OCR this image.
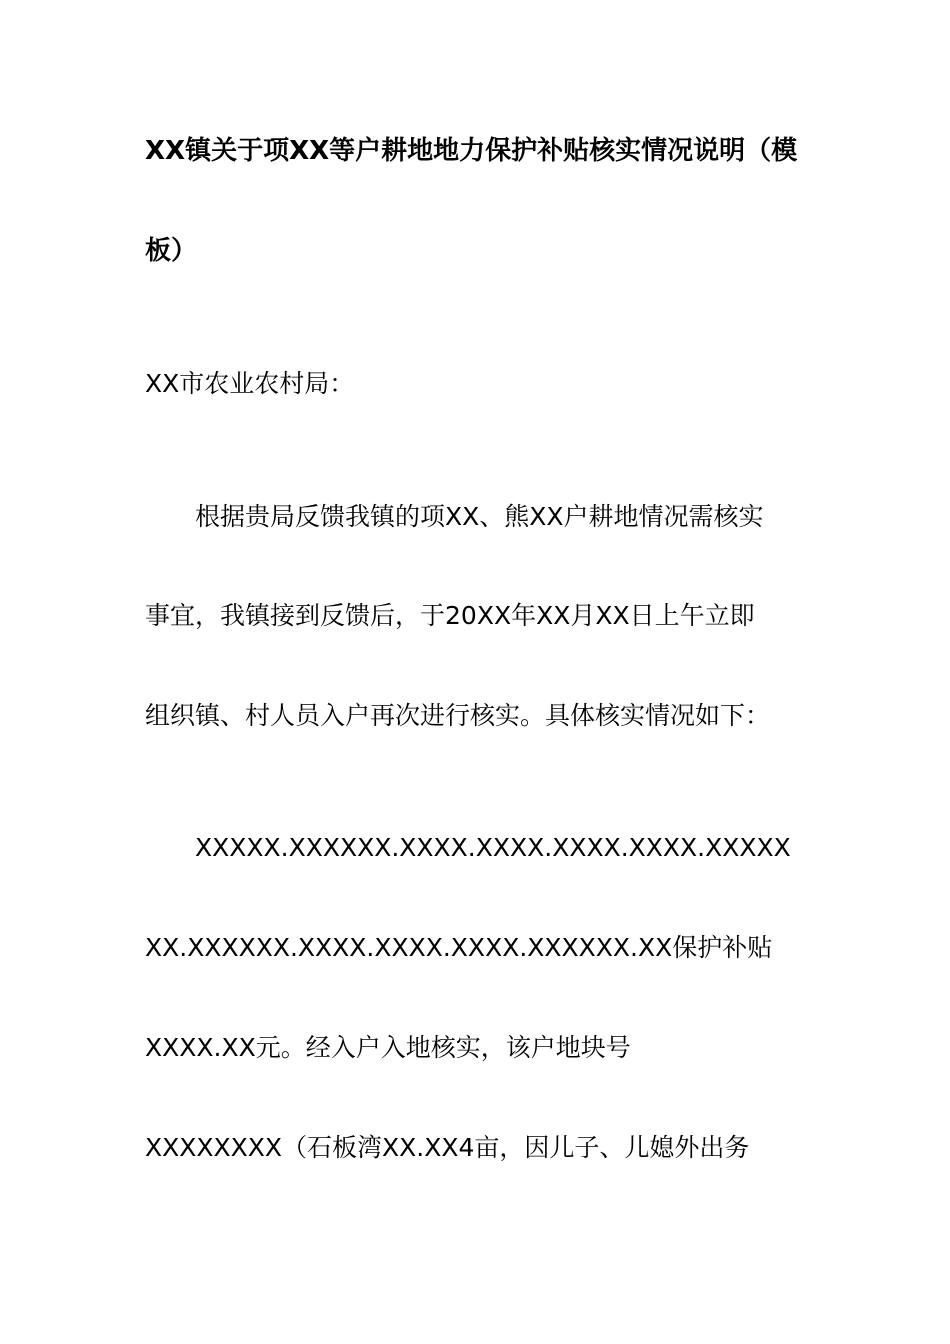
XX镇关于项XX等户耕地地力保护补贴核实情况说明（模
板）
XX市农业农村局：
根据贵局反馈我镇的项XX、熊XX户耕地情况需核实
事宜，我镇接到反馈后，于20XX年XX月XX日上午立即
组织镇、村人员入户再次进行核实。具体核实情况如下：
XXXXX.XXXXXX.XXXX.XXXX.XXXX.XXXX.XXXXX
XX.XXXXXX.XXXX.XXXX.XXXX.XXXXXX.XX保护补贴
XXXX.XX元。经入户入地核实，该户地块号
XXXXXXXX（石板湾XX.XX4亩，因儿子、儿媳外出务
